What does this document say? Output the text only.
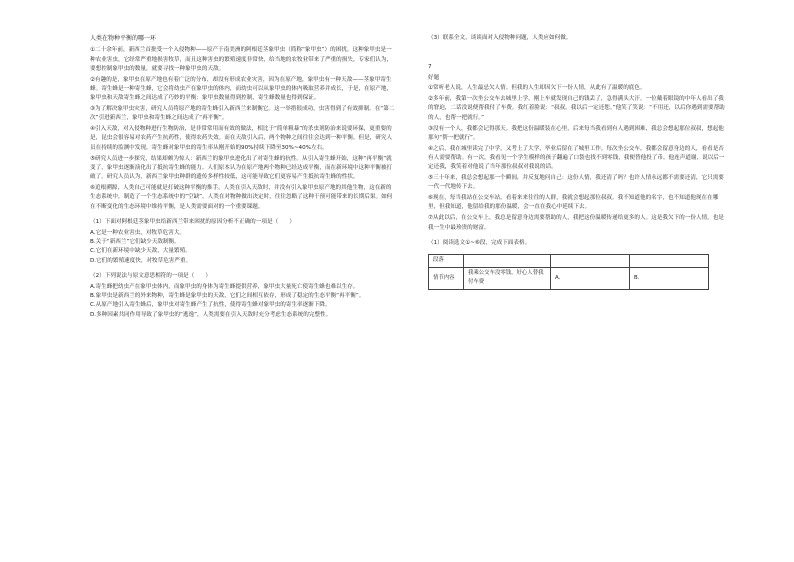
人类在物种平衡的哪一环

①二十余年前，新西兰首批受一个入侵物种——原产于南美洲的阿根廷茎象甲虫（简称“象甲虫”）的困扰。这种象甲虫是一种农业害虫，它经常严重地损害牧草，而且这种害虫的繁殖速度非常快，给当地的农牧业带来了严重的损失。专家们认为，要想控制象甲虫的数量，就要寻找一种象甲虫的天敌。

②有趣的是，象甲虫在原产地也有着广泛的分布，却没有形成农业灾害，因为在原产地，象甲虫有一种天敌——茎象甲寄生蜂。寄生蜂是一种寄生蜂，它会将幼虫产在象甲虫的体内，而幼虫可以从象甲虫的体内吸取营养并成长，于是，在原产地，象甲虫和天敌寄生蜂之间达成了巧妙的平衡：象甲虫数量得到控制，寄生蜂数量也得到保证。

③为了解决象甲虫灾害，研究人员将原产地的寄生蜂引入新西兰来制衡它。这一举措很成功，虫害得到了有效抑制。在“第二次”引进新西兰，象甲虫和寄生蜂之间达成了“再平衡”。

④引入天敌，对入侵物种进行生物防治，是非常常用而有效的做法，相比于“简单粗暴”的杀虫剂防治来说要环保，更重要的是，昆虫会很容易对农药产生抗药性，使得农药失效。而在天敌引入后，两个物种之间往往会达到一种平衡。但是，研究人员在持续的监测中发现，寄生蜂对象甲虫的寄生率从刚开始的90%持续下降至30%~40%左右。

⑤研究人员进一步探究，结果却颇为惊人：新西兰的象甲虫进化出了对寄生蜂的抗性。从引入寄生蜂开始，这种“再平衡”就变了，象甲虫逐渐演化出了抵抗寄生蜂的能力。人们原本认为在原产地两个物种已经达成平衡，而在新环境中这种平衡被打破了。研究人员认为，新西兰象甲虫种群的遗传多样性较低，这可能导致它们更容易产生抵抗寄生蜂的性状。

⑥追根溯源，人类自己可能就是打破这种平衡的推手。人类在引入天敌时，并没有引入象甲虫原产地的其他生物，这在新的生态系统中，制造了一个生态系统中的“空缺”。人类在对物种做出决定时，往往忽略了这种干预可能带来的长期后果。如何在不断变化的生态环境中维持平衡，是人类需要面对的一个重要课题。

（1）下面对阿根廷茎象甲虫给新西兰带来困扰的原因分析不正确的一项是（　　）

A.它是一种农业害虫，对牧草危害大。

B.关于“新西兰”它们缺少天敌制衡。

C.它们在新环境中缺少天敌，大量繁殖。

D.它们的繁殖速度快，对牧草危害严重。

（2）下列说法与原文意思相符的一项是（　　）

A.寄生蜂把幼虫产在象甲虫体内，而象甲虫的身体为寄生蜂提供营养，象甲虫大量死亡使寄生蜂也难以生存。

B.象甲虫是新西兰的外来物种，寄生蜂是象甲虫的天敌，它们之间相互依存，形成了稳定的生态平衡“再平衡”。

C.从原产地引入寄生蜂后，象甲虫对寄生蜂产生了抗性，使得寄生蜂对象甲虫的寄生率逐渐下降。

D.多种因素共同作用导致了象甲虫的“逃逸”，人类需要在引入天敌时充分考虑生态系统的完整性。

（3）联系全文，谈谈面对入侵物种问题，人类应如何做。

7

好题

①常听老人说，人生最忌欠人情。但我的人生却因欠下一份人情，从此有了温暖的底色。

②多年前，我第一次坐公交车去城里上学，刚上车就发现自己的钱丢了，急得满头大汗。一位戴着眼镜的中年人看出了我的窘迫，二话没说便帮我付了车费。我红着脸说：“叔叔，我以后一定还您。”他笑了笑说：“不用还，以后你遇到需要帮助的人，也帮一把就行。”

③没有一个人，我都会记得那天。我把这份温暖装在心里，后来每当我看到有人遇到困难，我总会想起那位叔叔，想起他那句“帮一把就行”。

④之后，我在城里读完了中学，又考上了大学，毕业后留在了城里工作。每次坐公交车，我都会留意身边的人，看看是否有人需要帮助。有一次，我看见一个学生模样的孩子翻遍了口袋也找不到零钱，我便替他投了币。他连声道谢，说以后一定还我，我笑着对他说了当年那位叔叔对我说的话。

⑤三十年来，我总会想起那一个瞬间，并反复地问自己：这份人情，我还清了吗？也许人情永远都不需要还清，它只需要一代一代地传下去。

⑥现在，每当我站在公交车站，看着来来往往的人群，我就会想起那位叔叔。我不知道他的名字，也不知道他现在在哪里，但我知道，他留给我的那份温暖，会一直在我心中延续下去。

⑦从此以后，在公交车上，我总是留意身边需要帮助的人，我把这份温暖传递给更多的人。这是我欠下的一份人情，也是我一生中最珍贵的财富。

（1）阅读选文①~⑥段，完成下面表格。

段落			
情节内容	我乘公交车没零钱，好心人替我付车费	A.	B.
